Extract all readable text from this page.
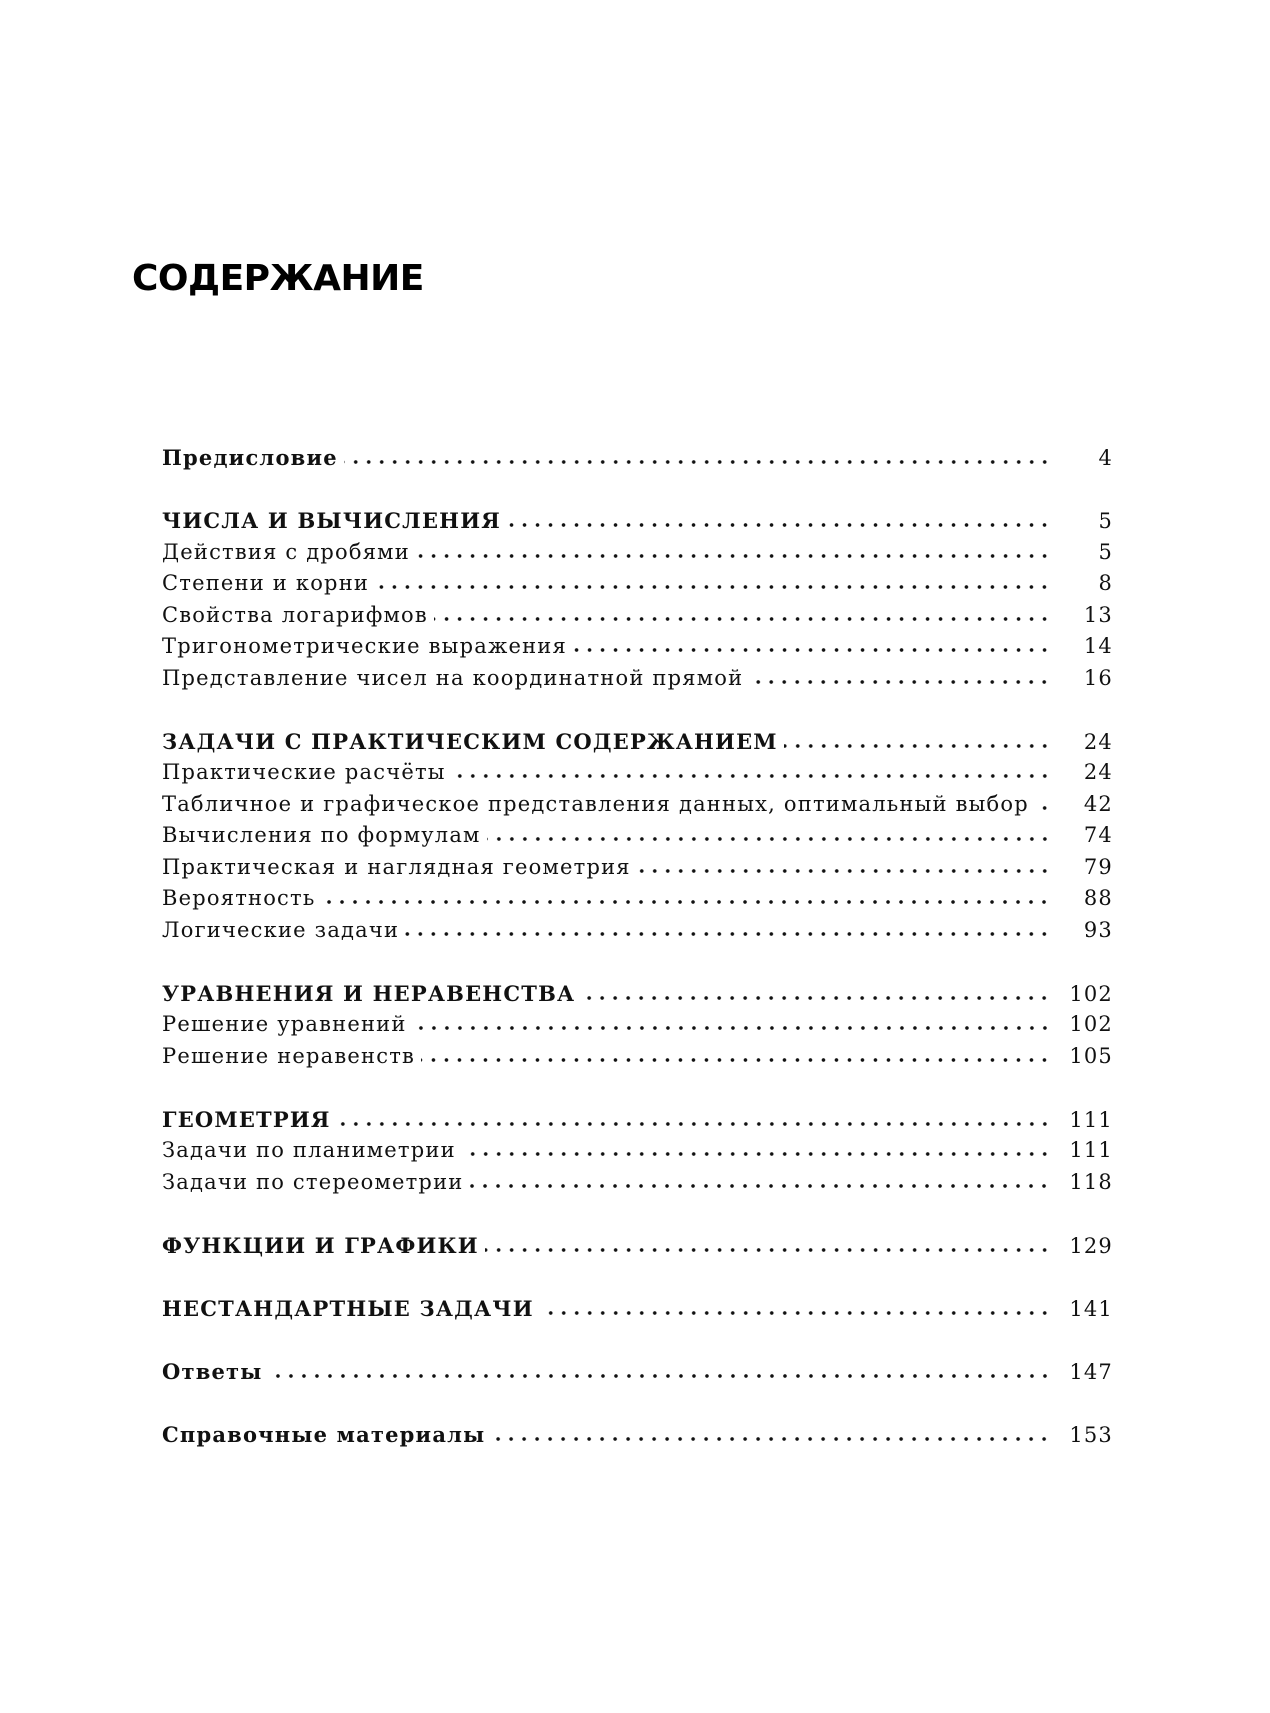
СОДЕРЖАНИЕ
Предисловие	4
ЧИСЛА И ВЫЧИСЛЕНИЯ	5
Действия с дробями	5
Степени и корни	8
Свойства логарифмов	13
Тригонометрические выражения	14
Представление чисел на координатной прямой	16
ЗАДАЧИ С ПРАКТИЧЕСКИМ СОДЕРЖАНИЕМ	24
Практические расчёты	24
Табличное и графическое представления данных, оптимальный выбор	42
Вычисления по формулам	74
Практическая и наглядная геометрия	79
Вероятность	88
Логические задачи	93
УРАВНЕНИЯ И НЕРАВЕНСТВА	102
Решение уравнений	102
Решение неравенств	105
ГЕОМЕТРИЯ	111
Задачи по планиметрии	111
Задачи по стереометрии	118
ФУНКЦИИ И ГРАФИКИ	129
НЕСТАНДАРТНЫЕ ЗАДАЧИ	141
Ответы	147
Справочные материалы	153
